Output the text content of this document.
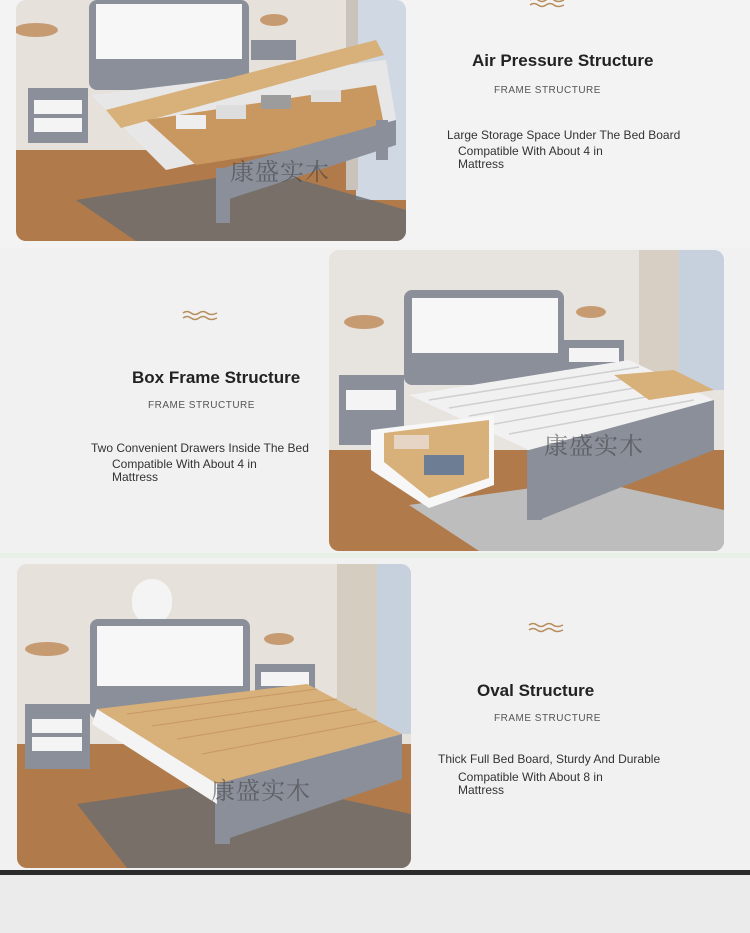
康盛实木
Air Pressure Structure
FRAME STRUCTURE
Large Storage Space Under The Bed Board
Compatible With About 4 in Mattress
Box Frame Structure
FRAME STRUCTURE
Two Convenient Drawers Inside The Bed
Compatible With About 4 in Mattress
康盛实木
康盛实木
Oval Structure
FRAME STRUCTURE
Thick Full Bed Board, Sturdy And Durable
Compatible With About 8 in Mattress
